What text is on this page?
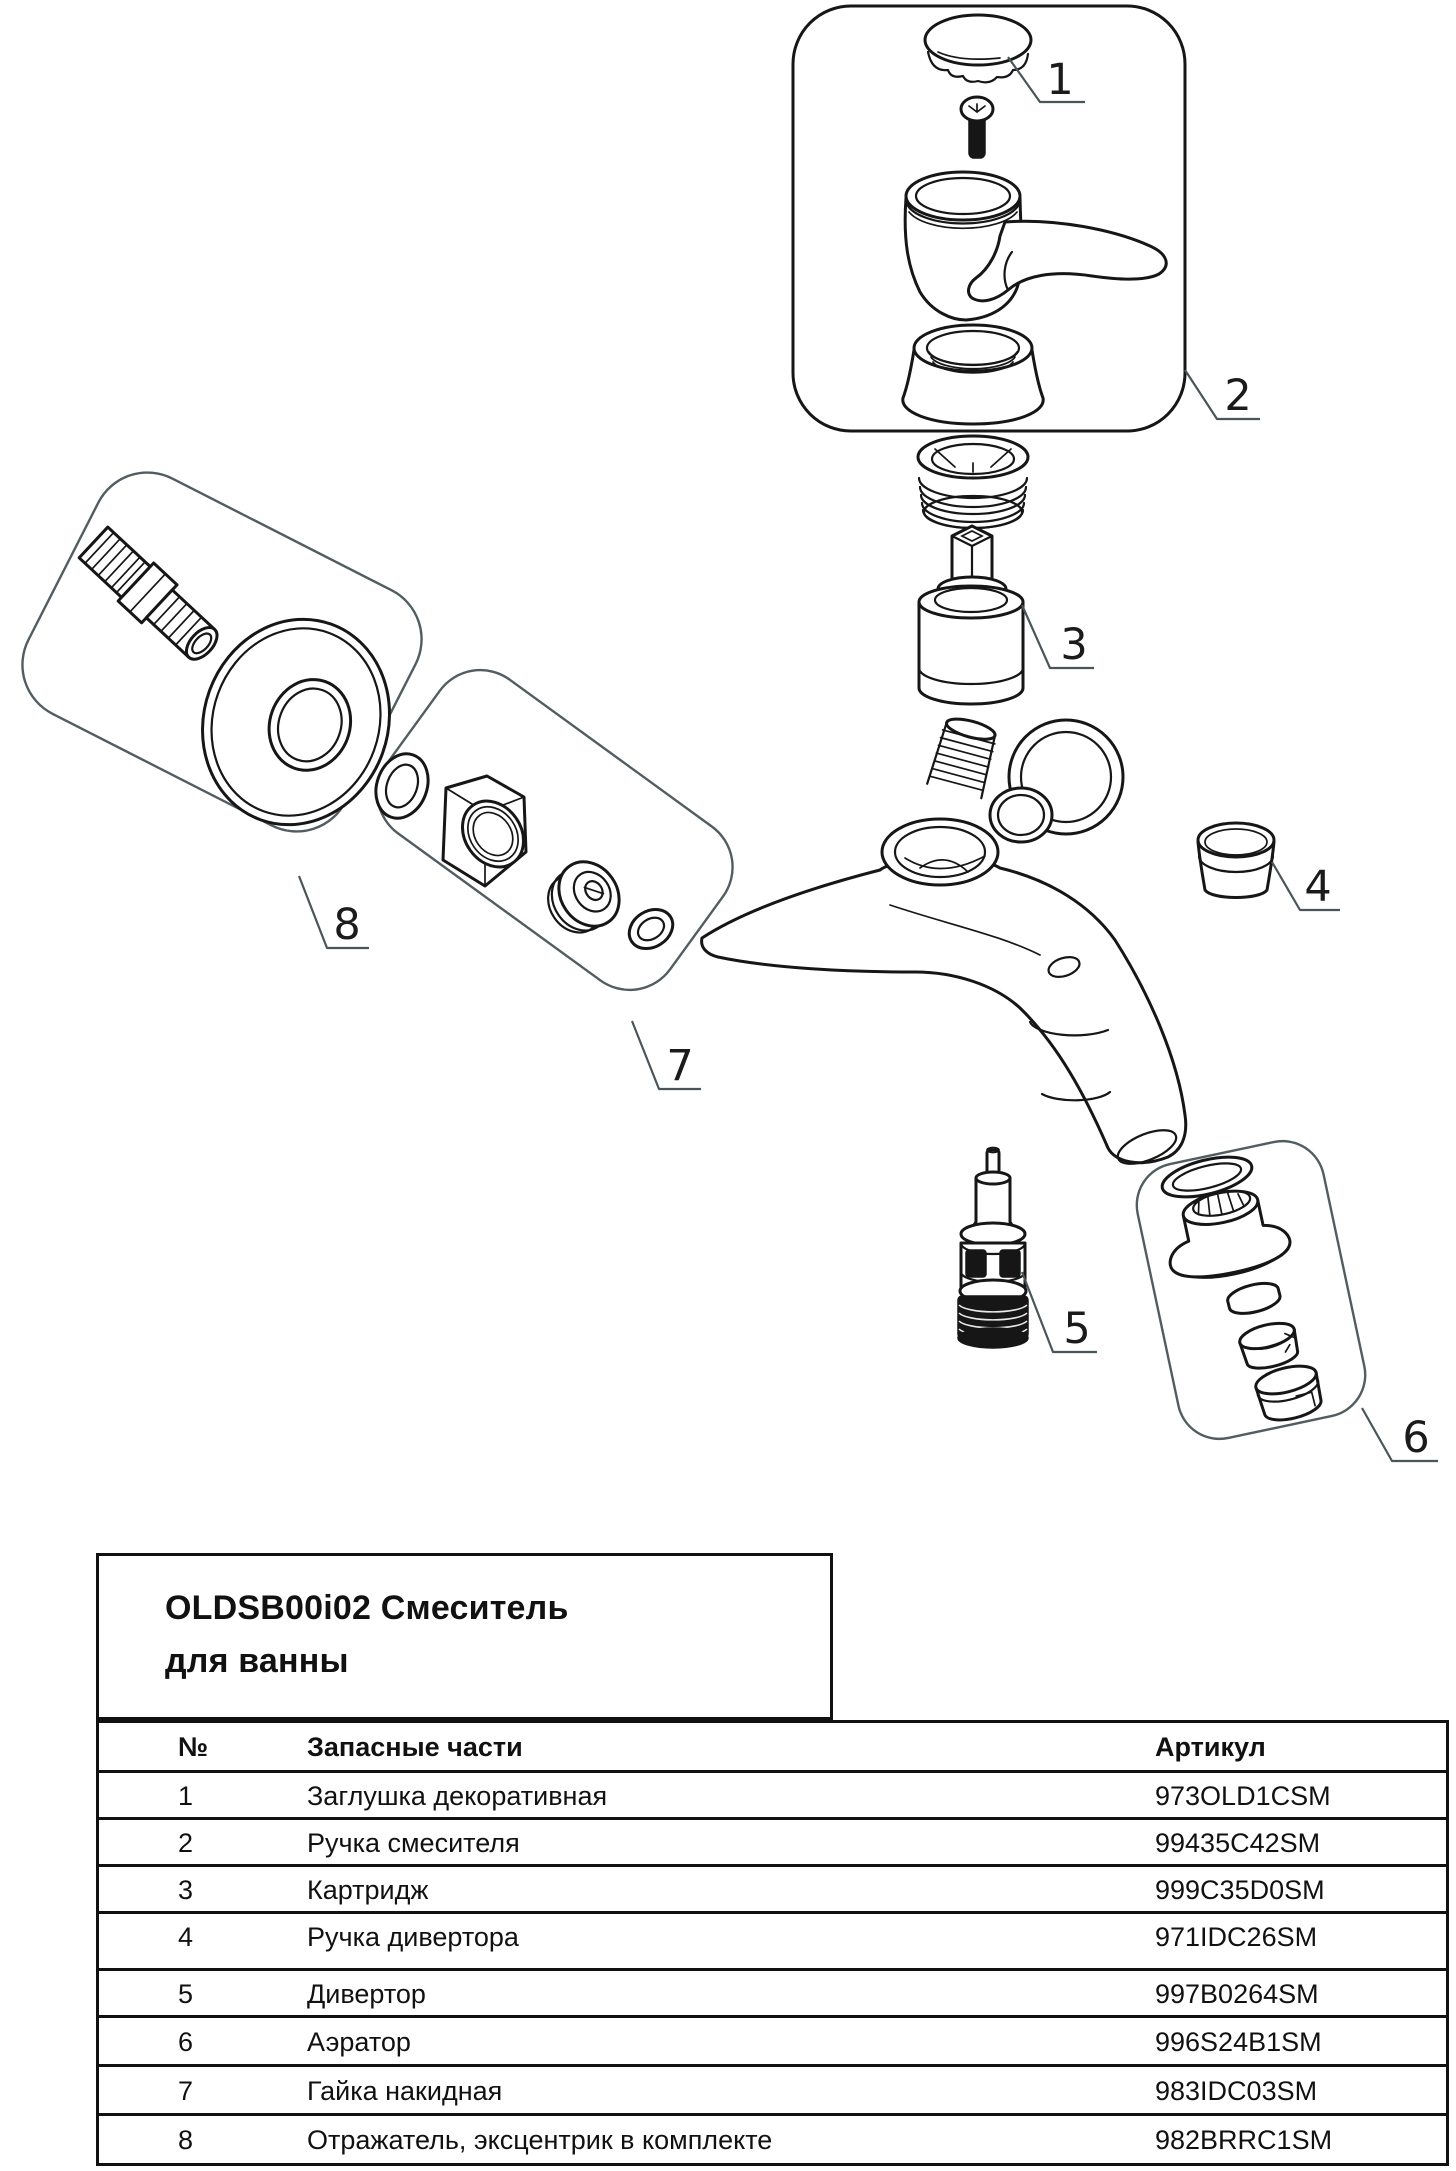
1
2
3
4
5
6
7
8
OLDSB00i02 Смеситель
для ванны
№	Запасные части	Артикул
1	Заглушка декоративная	973OLD1CSM
2	Ручка смесителя	99435C42SM
3	Картридж	999C35D0SM
4	Ручка дивертора	971IDC26SM
5	Дивертор	997B0264SM
6	Аэратор	996S24B1SM
7	Гайка накидная	983IDC03SM
8	Отражатель, эксцентрик в комплекте	982BRRC1SM
